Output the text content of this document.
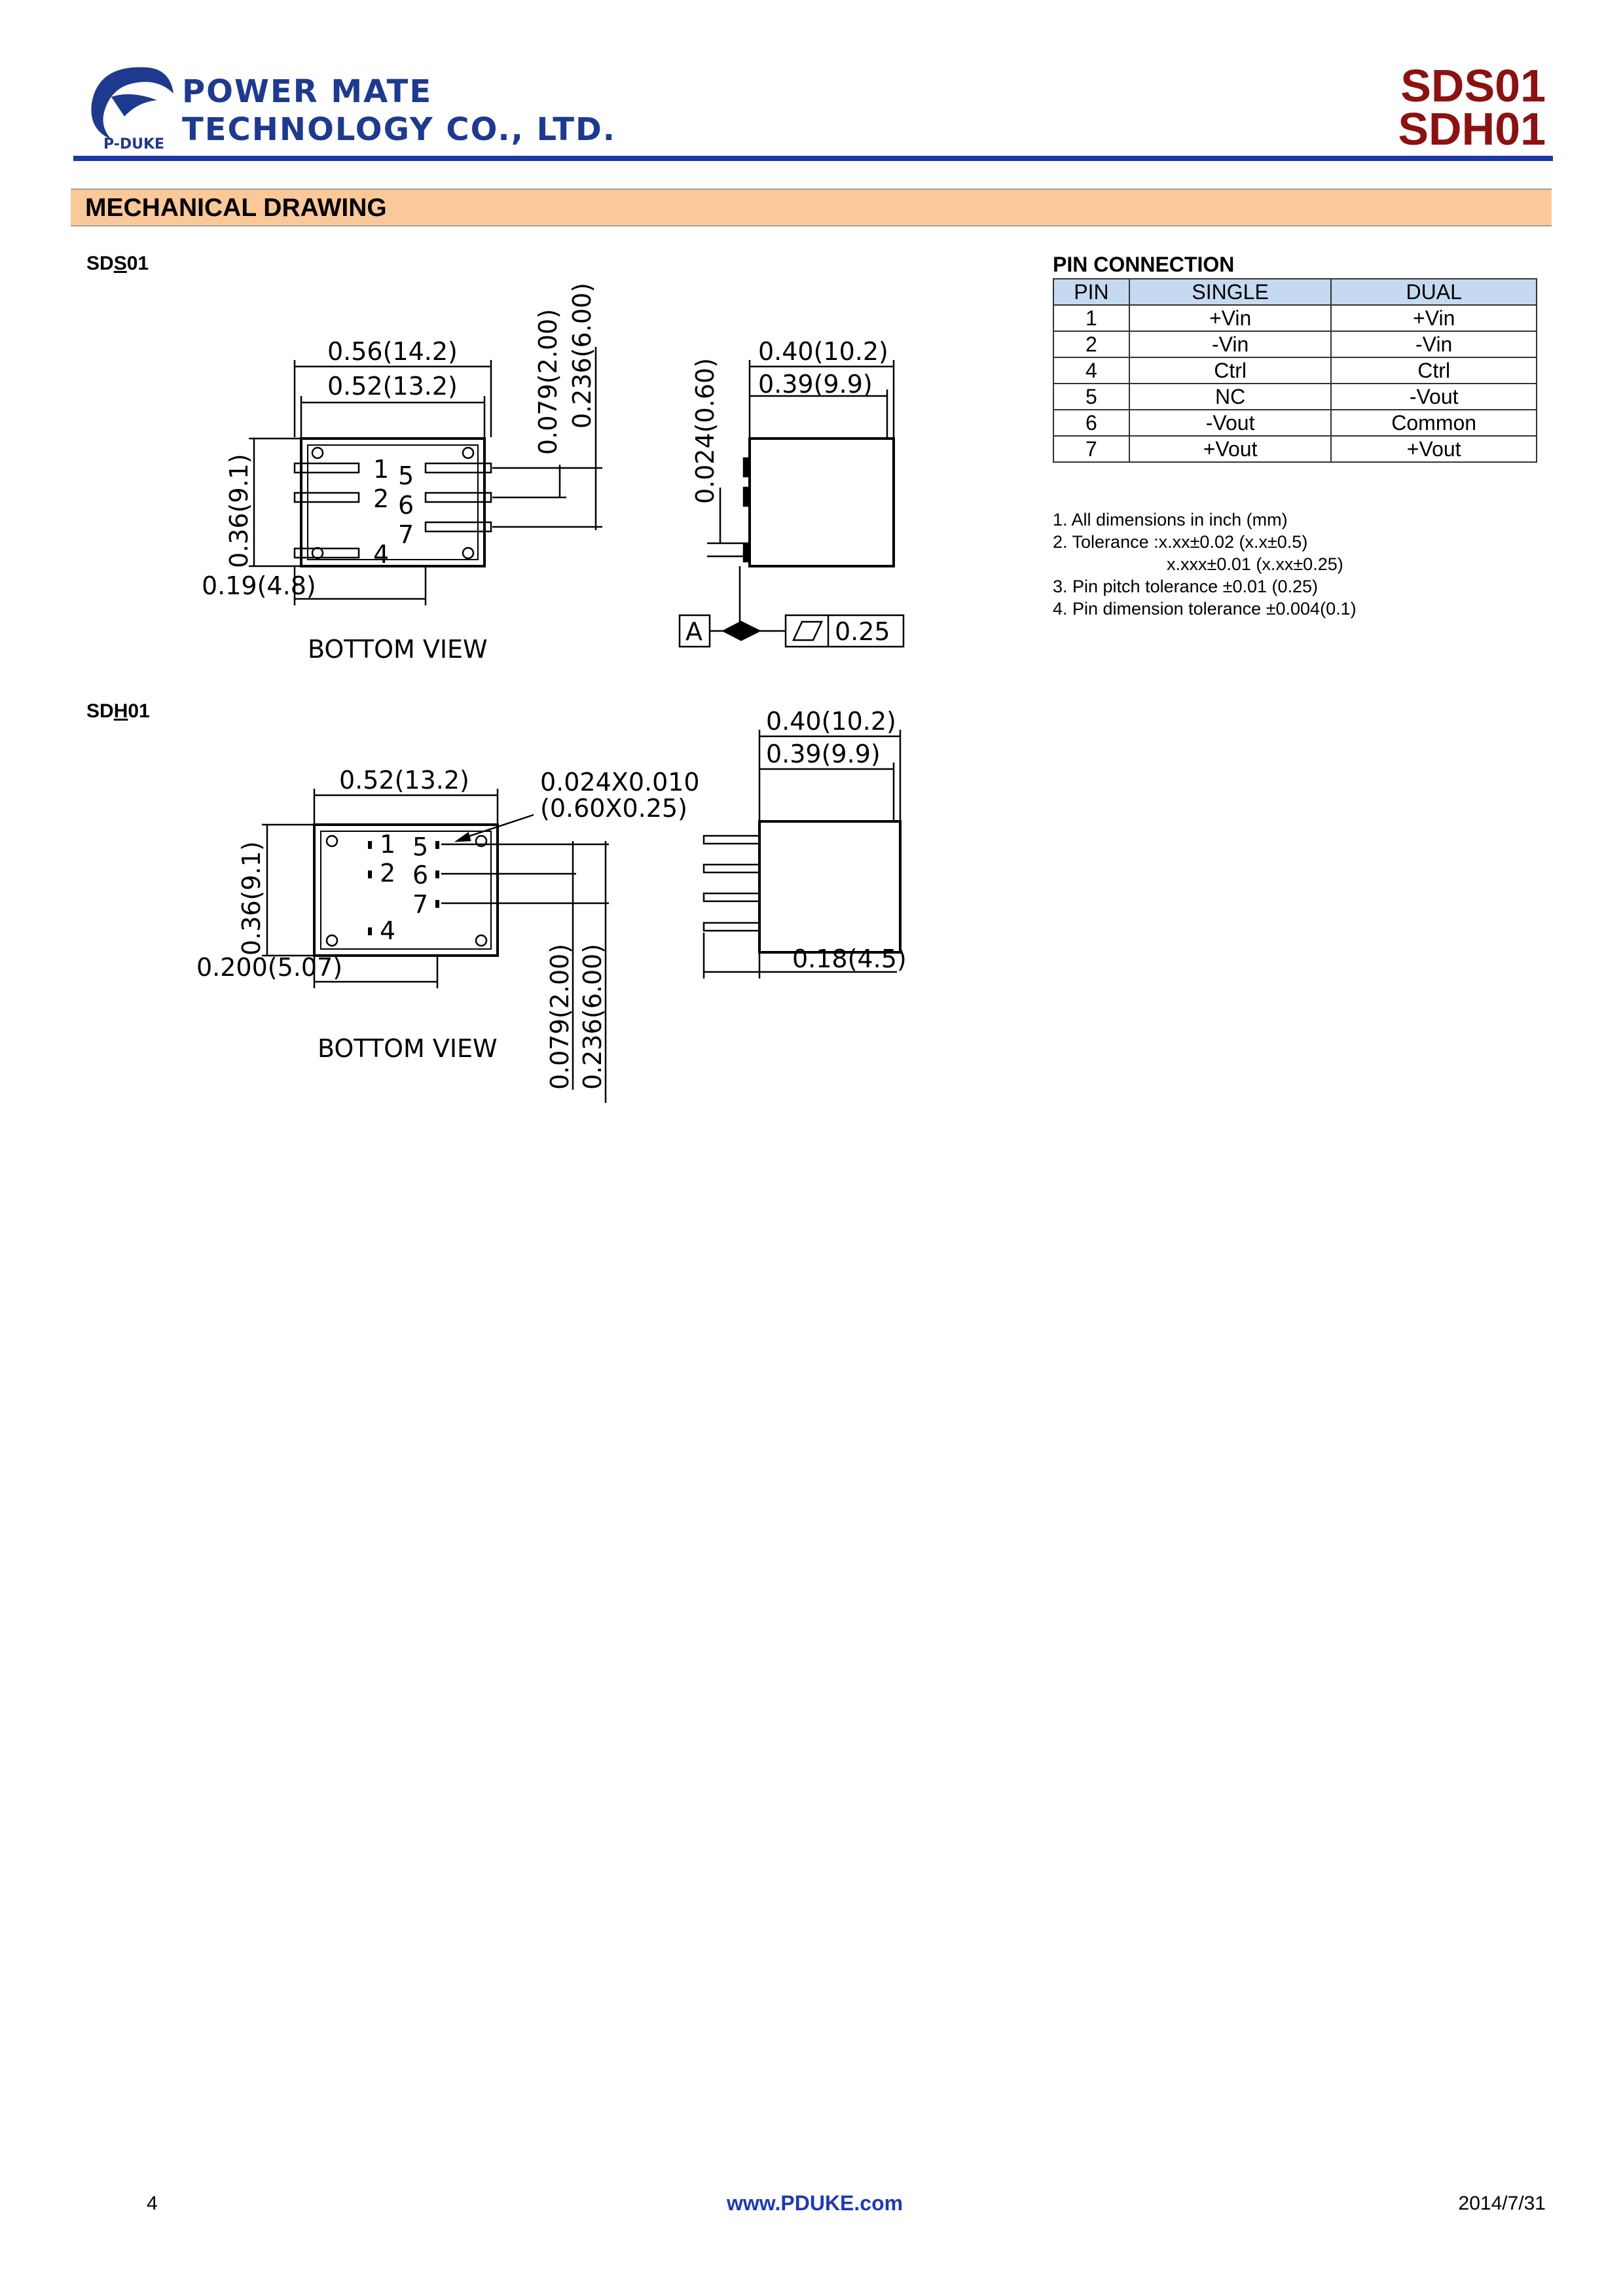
POWER MATE
TECHNOLOGY CO., LTD.
P-DUKE
SDS01
SDH01
MECHANICAL DRAWING
SDS01
1
2
4
5
6
7
0.56(14.2)
0.52(13.2)
0.36(9.1)
0.19(4.8)
0.079(2.00) 0.236(6.00)
BOTTOM VIEW
0.40(10.2)
0.39(9.9)
0.024(0.60)
A	0.25
SDH01
1
2
4
5
6
7
0.52(13.2)	0.024X0.010
(0.60X0.25)
0.36(9.1)
0.200(5.07)	0.079(2.00) 0.236(6.00)
BOTTOM VIEW
0.40(10.2)
0.39(9.9)
0.18(4.5)
PIN CONNECTION
PIN	SINGLE	DUAL
1	+Vin	+Vin
2	-Vin	-Vin
4	Ctrl	Ctrl
5	NC	-Vout
6	-Vout	Common
7	+Vout	+Vout
1. All dimensions in inch (mm)
2. Tolerance :x.xx±0.02 (x.x±0.5)
x.xxx±0.01 (x.xx±0.25)
3. Pin pitch tolerance ±0.01 (0.25)
4. Pin dimension tolerance ±0.004(0.1)
4	www.PDUKE.com	2014/7/31
